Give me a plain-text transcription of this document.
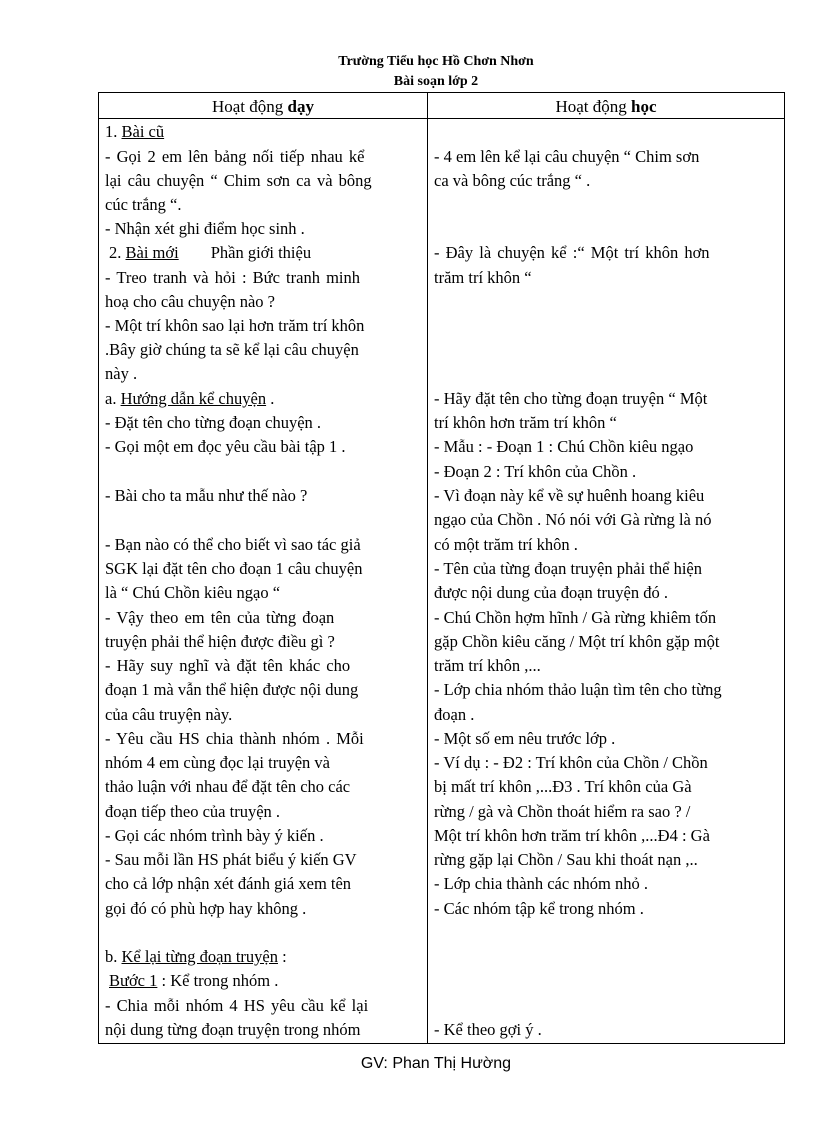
Trường Tiểu học Hồ Chơn Nhơn
Bài soạn lớp 2
Hoạt động dạy	Hoạt động học
1. Bài cũ
- Gọi 2 em lên bảng nối tiếp nhau kể
lại câu chuyện “ Chim sơn ca và bông
cúc trắng “.
- Nhận xét ghi điểm học sinh .
2. Bài mới Phần giới thiệu
- Treo tranh và hỏi : Bức tranh minh
hoạ cho câu chuyện nào ?
- Một trí khôn sao lại hơn trăm trí khôn
.Bây giờ chúng ta sẽ kể lại câu chuyện
này .
a. Hướng dẫn kể chuyện .
- Đặt tên cho từng đoạn chuyện .
- Gọi một em đọc yêu cầu bài tập 1 .
- Bài cho ta mẫu như thế nào ?
- Bạn nào có thể cho biết vì sao tác giả
SGK lại đặt tên cho đoạn 1 câu chuyện
là “ Chú Chồn kiêu ngạo “
- Vậy theo em tên của từng đoạn
truyện phải thể hiện được điều gì ?
- Hãy suy nghĩ và đặt tên khác cho
đoạn 1 mà vẫn thể hiện được nội dung
của câu truyện này.
- Yêu cầu HS chia thành nhóm . Mỗi
nhóm 4 em cùng đọc lại truyện và
thảo luận với nhau để đặt tên cho các
đoạn tiếp theo của truyện .
- Gọi các nhóm trình bày ý kiến .
- Sau mỗi lần HS phát biểu ý kiến GV
cho cả lớp nhận xét đánh giá xem tên
gọi đó có phù hợp hay không .
b. Kể lại từng đoạn truyện :
Bước 1 : Kể trong nhóm .
- Chia mỗi nhóm 4 HS yêu cầu kể lại
nội dung từng đoạn truyện trong nhóm
- 4 em lên kể lại câu chuyện “ Chim sơn
ca và bông cúc trắng “ .
- Đây là chuyện kể :“ Một trí khôn hơn
trăm trí khôn “
- Hãy đặt tên cho từng đoạn truyện “ Một
trí khôn hơn trăm trí khôn “
- Mẫu : - Đoạn 1 : Chú Chồn kiêu ngạo
- Đoạn 2 : Trí khôn của Chồn .
- Vì đoạn này kể về sự huênh hoang kiêu
ngạo của Chồn . Nó nói với Gà rừng là nó
có một trăm trí khôn .
- Tên của từng đoạn truyện phải thể hiện
được nội dung của đoạn truyện đó .
- Chú Chồn hợm hĩnh / Gà rừng khiêm tốn
gặp Chồn kiêu căng / Một trí khôn gặp một
trăm trí khôn ,...
- Lớp chia nhóm thảo luận tìm tên cho từng
đoạn .
- Một số em nêu trước lớp .
- Ví dụ : - Đ2 : Trí khôn của Chồn / Chồn
bị mất trí khôn ,...Đ3 . Trí khôn của Gà
rừng / gà và Chồn thoát hiểm ra sao ? /
Một trí khôn hơn trăm trí khôn ,...Đ4 : Gà
rừng gặp lại Chồn / Sau khi thoát nạn ,..
- Lớp chia thành các nhóm nhỏ .
- Các nhóm tập kể trong nhóm .
- Kể theo gợi ý .
GV: Phan Thị Hường
